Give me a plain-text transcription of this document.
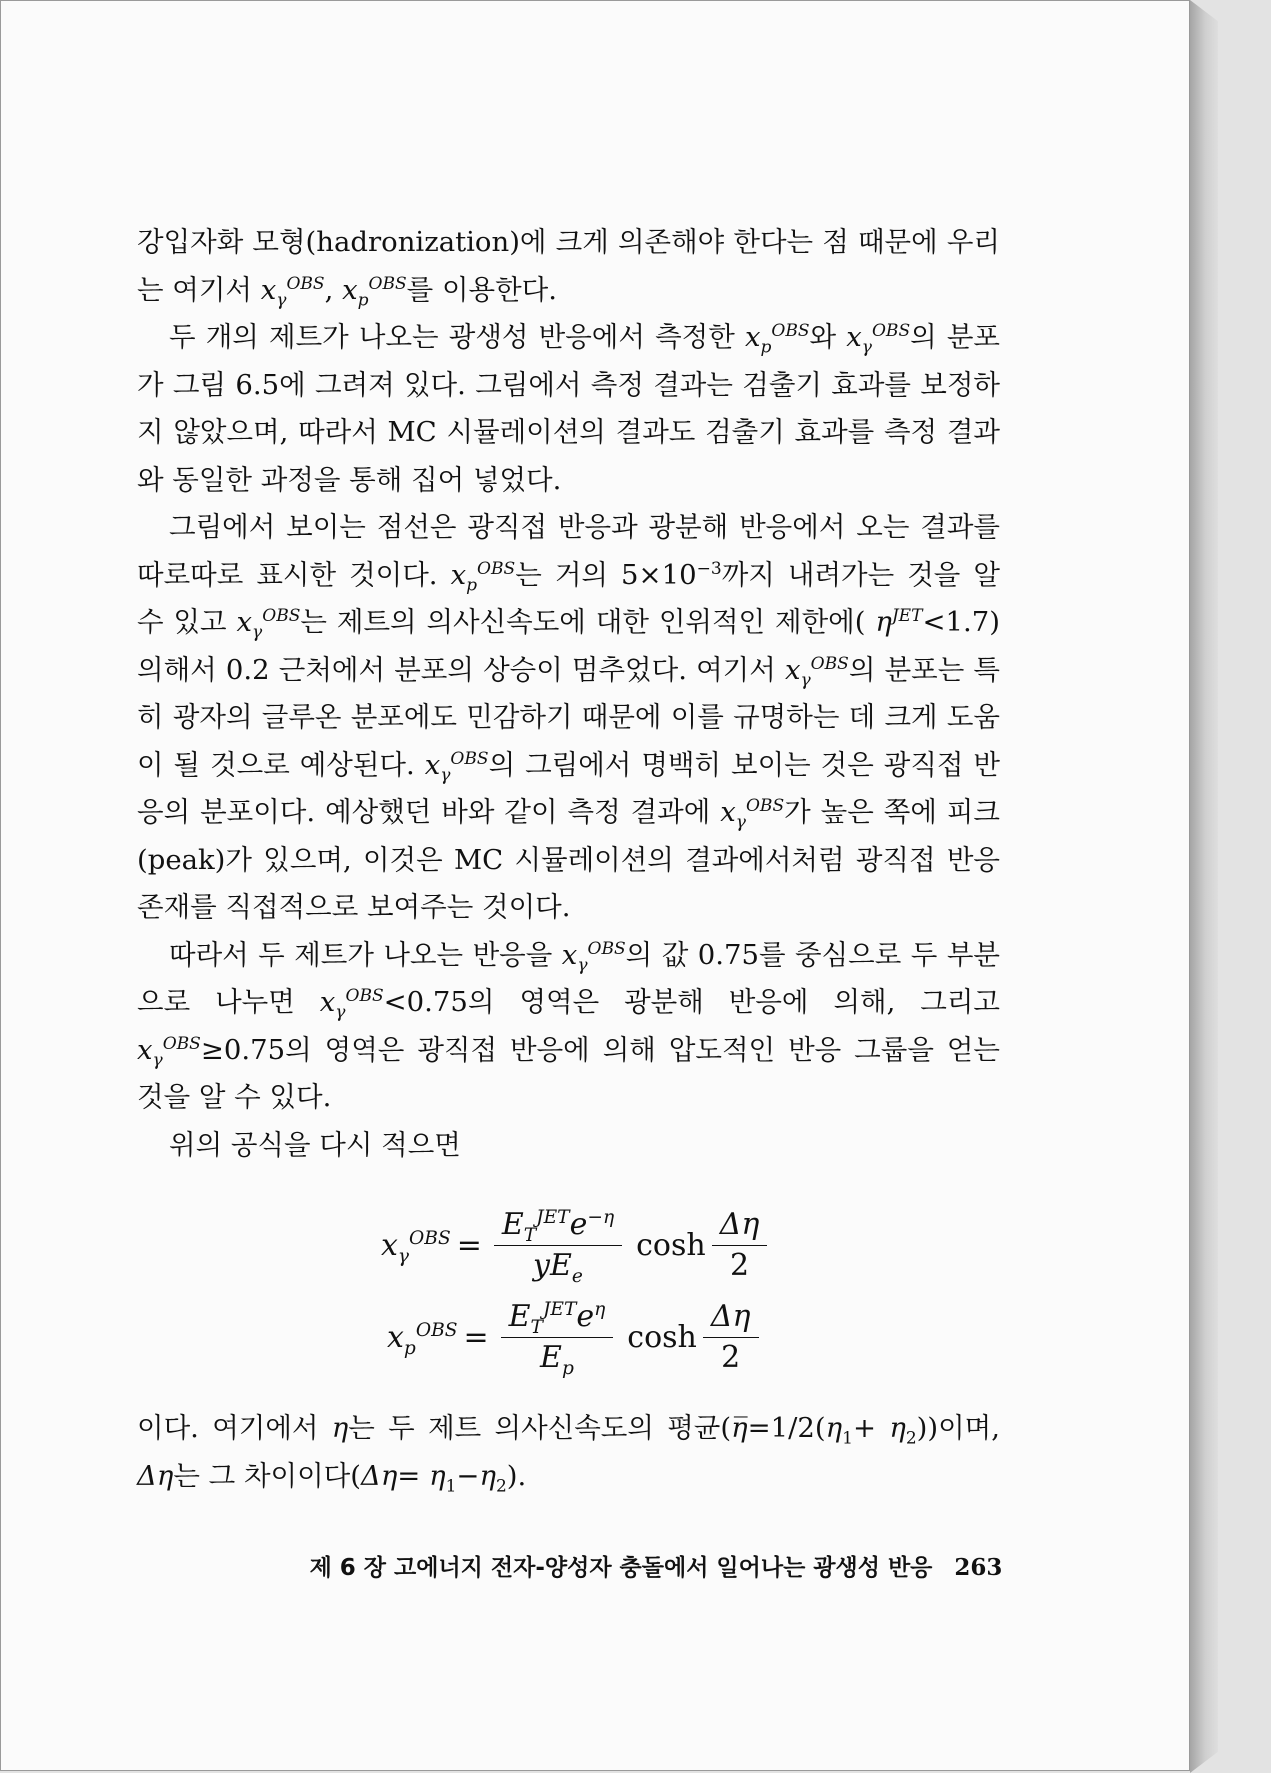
강입자화 모형(hadronization)에 크게 의존해야 한다는 점 때문에 우리는 여기서 $x_\gamma^{OBS}$, $x_p^{OBS}$를 이용한다.

두 개의 제트가 나오는 광생성 반응에서 측정한 $x_p^{OBS}$와 $x_\gamma^{OBS}$의 분포가 그림 6.5에 그려져 있다. 그림에서 측정 결과는 검출기 효과를 보정하지 않았으며, 따라서 MC 시뮬레이션의 결과도 검출기 효과를 측정 결과와 동일한 과정을 통해 집어 넣었다.

그림에서 보이는 점선은 광직접 반응과 광분해 반응에서 오는 결과를 따로따로 표시한 것이다. $x_p^{OBS}$는 거의 $5\times 10^{-3}$까지 내려가는 것을 알 수 있고 $x_\gamma^{OBS}$는 제트의 의사신속도에 대한 인위적인 제한에( $\eta^{JET}<1.7$) 의해서 0.2 근처에서 분포의 상승이 멈추었다. 여기서 $x_\gamma^{OBS}$의 분포는 특히 광자의 글루온 분포에도 민감하기 때문에 이를 규명하는 데 크게 도움이 될 것으로 예상된다. $x_\gamma^{OBS}$의 그림에서 명백히 보이는 것은 광직접 반응의 분포이다. 예상했던 바와 같이 측정 결과에 $x_\gamma^{OBS}$가 높은 쪽에 피크(peak)가 있으며, 이것은 MC 시뮬레이션의 결과에서처럼 광직접 반응 존재를 직접적으로 보여주는 것이다.

따라서 두 제트가 나오는 반응을 $x_\gamma^{OBS}$의 값 0.75를 중심으로 두 부분으로 나누면 $x_\gamma^{OBS}<0.75$의 영역은 광분해 반응에 의해, 그리고 $x_\gamma^{OBS}\ge 0.75$의 영역은 광직접 반응에 의해 압도적인 반응 그룹을 얻는 것을 알 수 있다.

위의 공식을 다시 적으면

$x_\gamma^{OBS} = \frac{E_T^{JET}e^{-\eta}}{yE_e}$ $\cosh \frac{\Delta\eta}{2}$
$x_p^{OBS} = \frac{E_T^{JET}e^\eta}{E_p}$ $\cosh \frac{\Delta\eta}{2}$

이다. 여기에서 η는 두 제트 의사신속도의 평균$(\eta̅=1/2(\eta_1+ \eta_2))$이며, Δη는 그 차이이다$(\Delta\eta= \eta_1-\eta_2)$.

제 6 장 고에너지 전자-양성자 충돌에서 일어나는 광생성 반응 263
